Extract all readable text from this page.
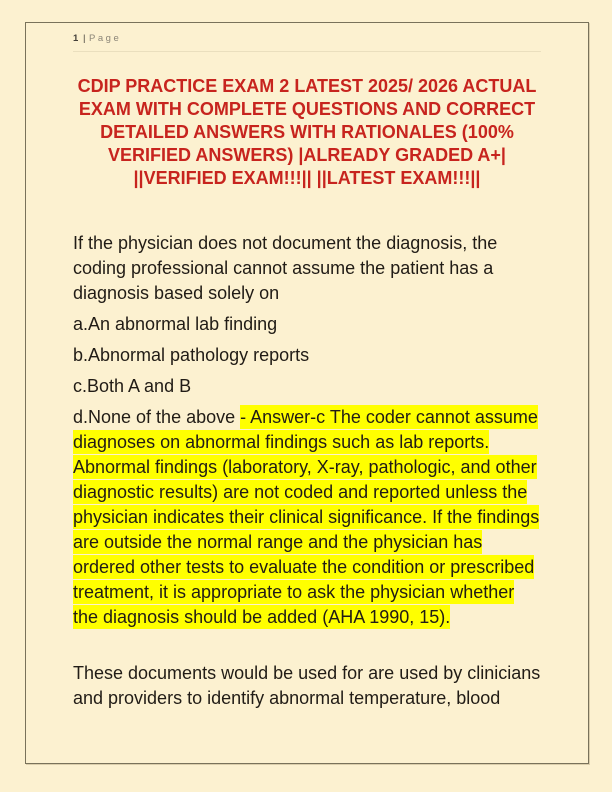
1 | Page
CDIP PRACTICE EXAM 2 LATEST 2025/ 2026 ACTUAL EXAM WITH COMPLETE QUESTIONS AND CORRECT DETAILED ANSWERS WITH RATIONALES (100% VERIFIED ANSWERS) |ALREADY GRADED A+| ||VERIFIED EXAM!!!|| ||LATEST EXAM!!!||

If the physician does not document the diagnosis, the coding professional cannot assume the patient has a diagnosis based solely on

a.An abnormal lab finding

b.Abnormal pathology reports

c.Both A and B

d.None of the above - Answer-c The coder cannot assume diagnoses on abnormal findings such as lab reports. Abnormal findings (laboratory, X-ray, pathologic, and other diagnostic results) are not coded and reported unless the physician indicates their clinical significance. If the findings are outside the normal range and the physician has ordered other tests to evaluate the condition or prescribed treatment, it is appropriate to ask the physician whether the diagnosis should be added (AHA 1990, 15).

These documents would be used for are used by clinicians and providers to identify abnormal temperature, blood
